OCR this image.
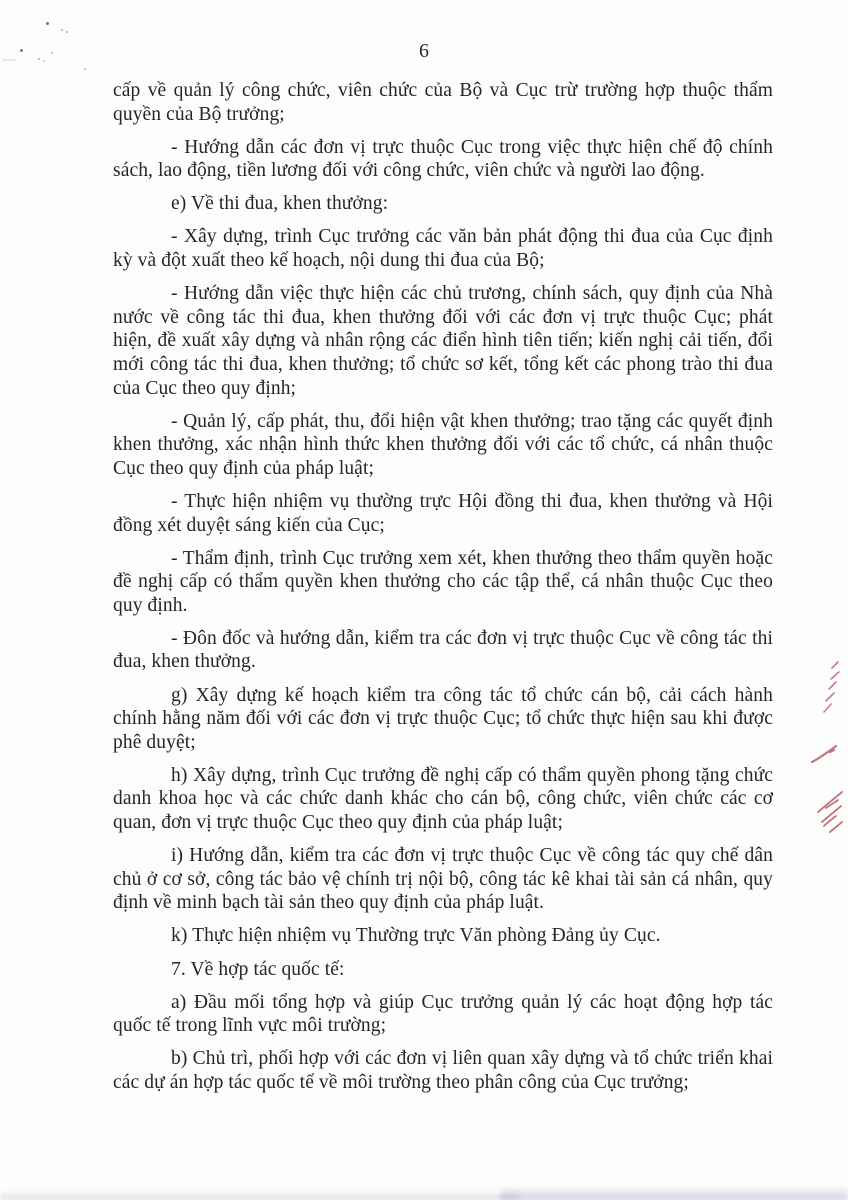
6

cấp về quản lý công chức, viên chức của Bộ và Cục trừ trường hợp thuộc thẩm quyền của Bộ trưởng;

- Hướng dẫn các đơn vị trực thuộc Cục trong việc thực hiện chế độ chính sách, lao động, tiền lương đối với công chức, viên chức và người lao động.

e) Về thi đua, khen thưởng:

- Xây dựng, trình Cục trưởng các văn bản phát động thi đua của Cục định kỳ và đột xuất theo kế hoạch, nội dung thi đua của Bộ;

- Hướng dẫn việc thực hiện các chủ trương, chính sách, quy định của Nhà nước về công tác thi đua, khen thưởng đối với các đơn vị trực thuộc Cục; phát hiện, đề xuất xây dựng và nhân rộng các điển hình tiên tiến; kiến nghị cải tiến, đổi mới công tác thi đua, khen thưởng; tổ chức sơ kết, tổng kết các phong trào thi đua của Cục theo quy định;

- Quản lý, cấp phát, thu, đổi hiện vật khen thưởng; trao tặng các quyết định khen thưởng, xác nhận hình thức khen thưởng đối với các tổ chức, cá nhân thuộc Cục theo quy định của pháp luật;

- Thực hiện nhiệm vụ thường trực Hội đồng thi đua, khen thưởng và Hội đồng xét duyệt sáng kiến của Cục;

- Thẩm định, trình Cục trưởng xem xét, khen thưởng theo thẩm quyền hoặc đề nghị cấp có thẩm quyền khen thưởng cho các tập thể, cá nhân thuộc Cục theo quy định.

- Đôn đốc và hướng dẫn, kiểm tra các đơn vị trực thuộc Cục về công tác thi đua, khen thưởng.

g) Xây dựng kế hoạch kiểm tra công tác tổ chức cán bộ, cải cách hành chính hằng năm đối với các đơn vị trực thuộc Cục; tổ chức thực hiện sau khi được phê duyệt;

h) Xây dựng, trình Cục trưởng đề nghị cấp có thẩm quyền phong tặng chức danh khoa học và các chức danh khác cho cán bộ, công chức, viên chức các cơ quan, đơn vị trực thuộc Cục theo quy định của pháp luật;

i) Hướng dẫn, kiểm tra các đơn vị trực thuộc Cục về công tác quy chế dân chủ ở cơ sở, công tác bảo vệ chính trị nội bộ, công tác kê khai tài sản cá nhân, quy định về minh bạch tài sản theo quy định của pháp luật.

k) Thực hiện nhiệm vụ Thường trực Văn phòng Đảng ủy Cục.

7. Về hợp tác quốc tế:

a) Đầu mối tổng hợp và giúp Cục trưởng quản lý các hoạt động hợp tác quốc tế trong lĩnh vực môi trường;

b) Chủ trì, phối hợp với các đơn vị liên quan xây dựng và tổ chức triển khai các dự án hợp tác quốc tế về môi trường theo phân công của Cục trưởng;
